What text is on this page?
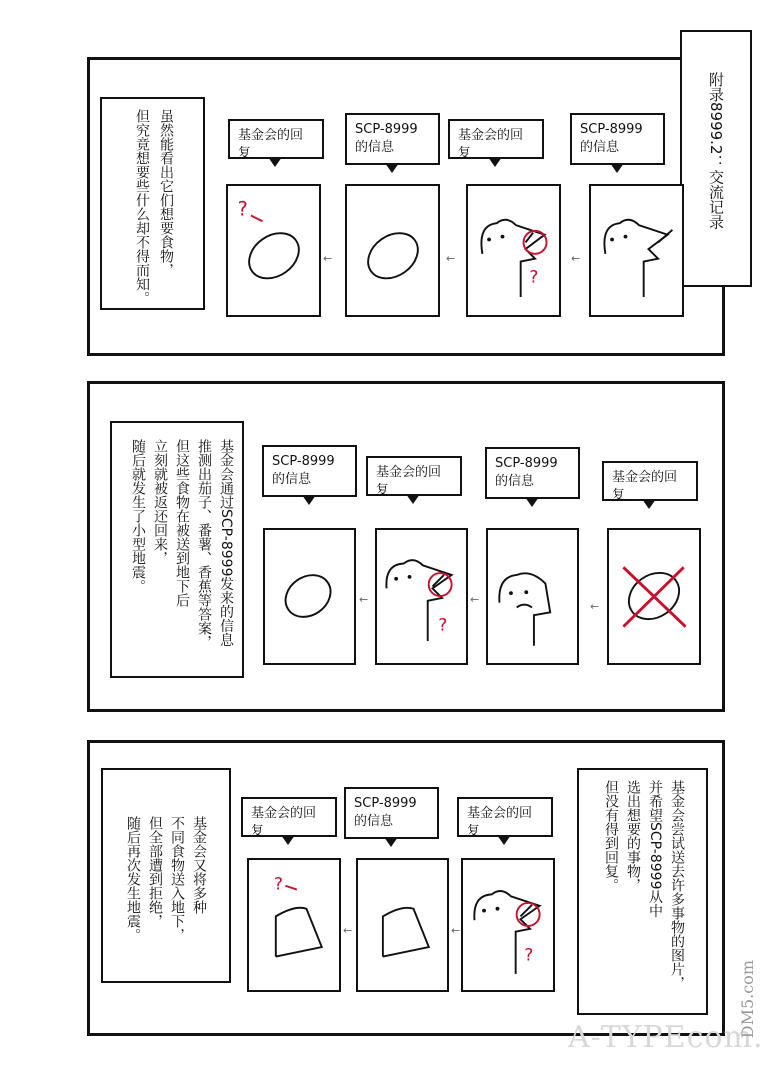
附录8999.2：交流记录
虽然能看出它们想要食物，
但究竟想要些什么却不得而知。	基金会的回复
SCP-8999
的信息
基金会的回复
SCP-8999
的信息
?
←	←
?
←
基金会通过SCP-8999发来的信息
推测出茄子、番薯、香蕉等答案，
但这些食物在被送到地下后
立刻就被返还回来，
随后就发生了小型地震。	SCP-8999
的信息	基金会的回复
SCP-8999
的信息	基金会的回复
←
?
←
←
基金会又将多种
不同食物送入地下，
但全部遭到拒绝，
随后再次发生地震。	基金会尝试送去许多事物的图片，
并希望SCP-8999从中
选出想要的事物，
但没有得到回复。
基金会的回复
SCP-8999
的信息
基金会的回复
?
←	←
?
A-TYPEcom.
DM5.com
